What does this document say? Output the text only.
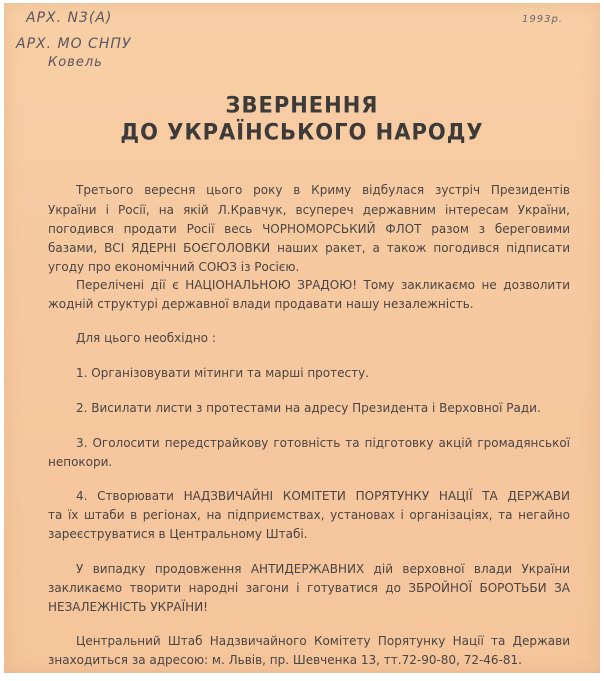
АРХ. N3(А)
АРХ. МО СНПУ
Ковель
1993р.
ЗВЕРНЕННЯ
ДО УКРАЇНСЬКОГО НАРОДУ
Третього вересня цього року в Криму відбулася зустріч Президентів
України і Росії, на якій Л.Кравчук, всупереч державним інтересам України,
погодився продати Росії весь ЧОРНОМОРСЬКИЙ ФЛОТ разом з береговими
базами, ВСІ ЯДЕРНІ БОЄГОЛОВКИ наших ракет, а також погодився підписати
угоду про економічний СОЮЗ із Росією.
Перелічені дії є НАЦІОНАЛЬНОЮ ЗРАДОЮ! Тому закликаємо не дозволити
жодній структурі державної влади продавати нашу незалежність.
Для цього необхідно :
1. Організовувати мітинги та марші протесту.
2. Висилати листи з протестами на адресу Президента і Верховної Ради.
3. Оголосити передстрайкову готовність та підготовку акцій громадянської
непокори.
4. Створювати НАДЗВИЧАЙНІ КОМІТЕТИ ПОРЯТУНКУ НАЦІЇ ТА ДЕРЖАВИ
та їх штаби в регіонах, на підприємствах, установах і організаціях, та негайно
зареєструватися в Центральному Штабі.
У випадку продовження АНТИДЕРЖАВНИХ дій верховної влади України
закликаємо творити народні загони і готуватися до ЗБРОЙНОЇ БОРОТЬБИ ЗА
НЕЗАЛЕЖНІСТЬ УКРАЇНИ!
Центральний Штаб Надзвичайного Комітету Порятунку Нації та Держави
знаходиться за адресою: м. Львів, пр. Шевченка 13, тт.72-90-80, 72-46-81.
